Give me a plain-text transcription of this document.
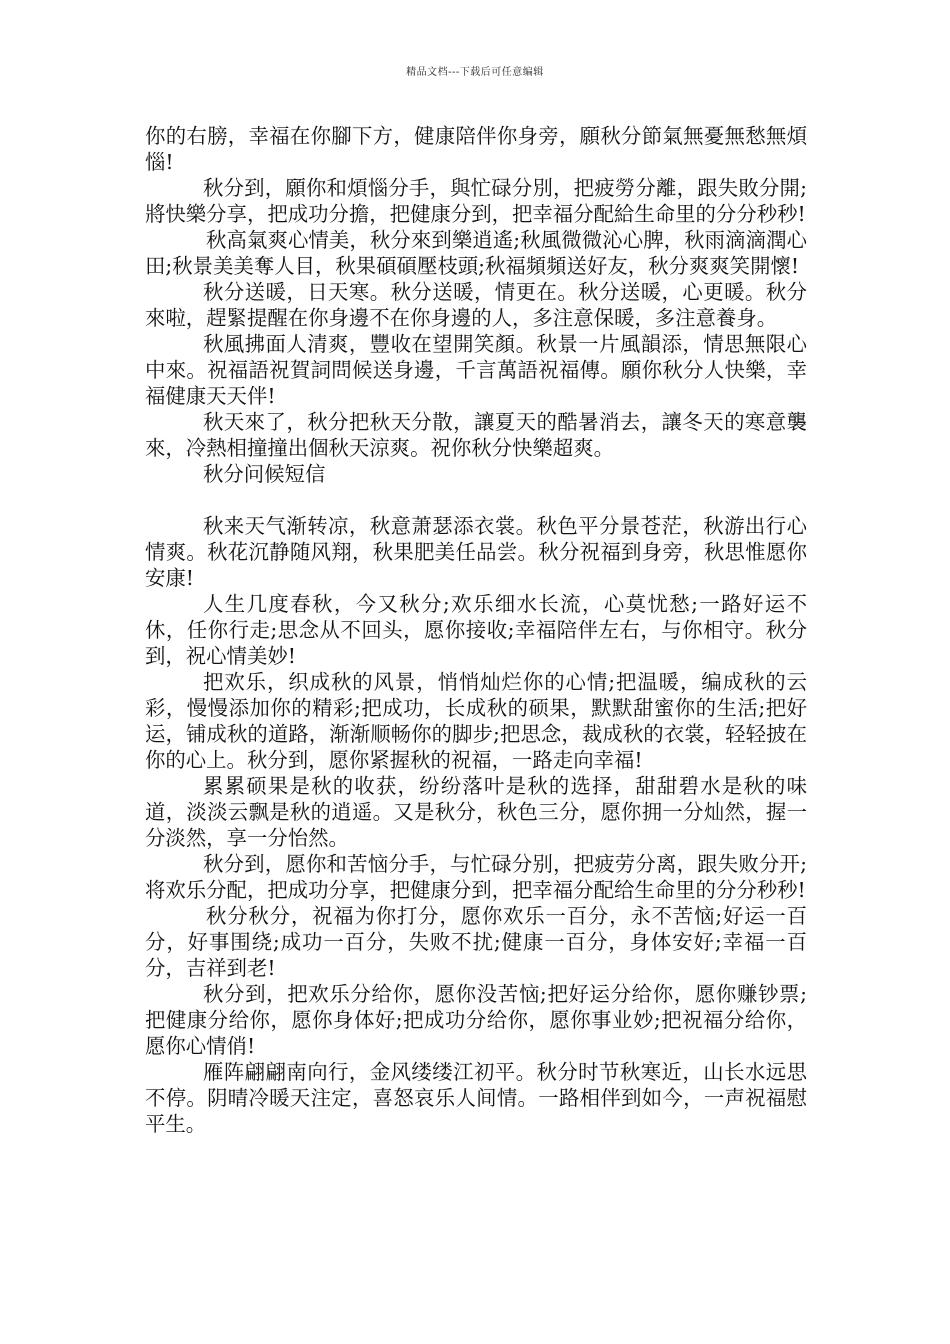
精品文档---下载后可任意编辑

你的右膀，幸福在你腳下方，健康陪伴你身旁，願秋分節氣無憂無愁無煩惱!

秋分到，願你和煩惱分手，與忙碌分別，把疲勞分離，跟失敗分開;將快樂分享，把成功分擔，把健康分到，把幸福分配給生命里的分分秒秒!

秋高氣爽心情美，秋分來到樂逍遙;秋風微微沁心脾，秋雨滴滴潤心田;秋景美美奪人目，秋果碩碩壓枝頭;秋福頻頻送好友，秋分爽爽笑開懷!

秋分送暖，日天寒。秋分送暖，情更在。秋分送暖，心更暖。秋分來啦，趕緊提醒在你身邊不在你身邊的人，多注意保暖，多注意養身。

秋風拂面人清爽，豐收在望開笑顏。秋景一片風韻添，情思無限心中來。祝福語祝賀詞問候送身邊，千言萬語祝福傳。願你秋分人快樂，幸福健康天天伴!

秋天來了，秋分把秋天分散，讓夏天的酷暑消去，讓冬天的寒意襲來，冷熱相撞撞出個秋天涼爽。祝你秋分快樂超爽。

秋分问候短信

秋来天气渐转凉，秋意萧瑟添衣裳。秋色平分景苍茫，秋游出行心情爽。秋花沉静随风翔，秋果肥美任品尝。秋分祝福到身旁，秋思惟愿你安康!

人生几度春秋，今又秋分;欢乐细水长流，心莫忧愁;一路好运不休，任你行走;思念从不回头，愿你接收;幸福陪伴左右，与你相守。秋分到，祝心情美妙!

把欢乐，织成秋的风景，悄悄灿烂你的心情;把温暖，编成秋的云彩，慢慢添加你的精彩;把成功，长成秋的硕果，默默甜蜜你的生活;把好运，铺成秋的道路，渐渐顺畅你的脚步;把思念，裁成秋的衣裳，轻轻披在你的心上。秋分到，愿你紧握秋的祝福，一路走向幸福!

累累硕果是秋的收获，纷纷落叶是秋的选择，甜甜碧水是秋的味道，淡淡云飘是秋的逍遥。又是秋分，秋色三分，愿你拥一分灿然，握一分淡然，享一分怡然。

秋分到，愿你和苦恼分手，与忙碌分别，把疲劳分离，跟失败分开;将欢乐分配，把成功分享，把健康分到，把幸福分配给生命里的分分秒秒!

秋分秋分，祝福为你打分，愿你欢乐一百分，永不苦恼;好运一百分，好事围绕;成功一百分，失败不扰;健康一百分，身体安好;幸福一百分，吉祥到老!

秋分到，把欢乐分给你，愿你没苦恼;把好运分给你，愿你赚钞票;把健康分给你，愿你身体好;把成功分给你，愿你事业妙;把祝福分给你，愿你心情俏!

雁阵翩翩南向行，金风缕缕江初平。秋分时节秋寒近，山长水远思不停。阴晴冷暖天注定，喜怒哀乐人间情。一路相伴到如今，一声祝福慰平生。
